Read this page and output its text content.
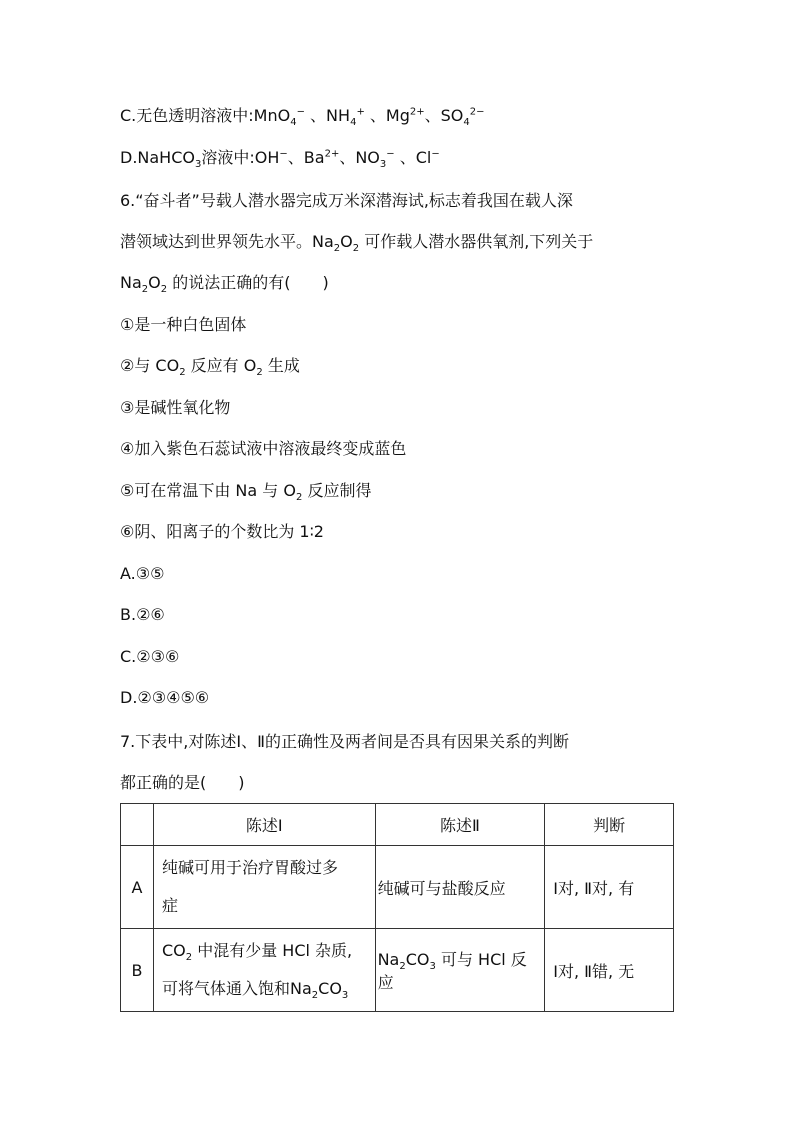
C.无色透明溶液中:MnO$_4$− 、$NH_4^+$ 、$Mg^{2+}$、$SO_4^{2-}$
D.NaHCO$_3$溶液中:OH−、$Ba^{2+}$、$NO_3^-$ 、Cl−
6.“奋斗者”号载人潜水器完成万米深潜海试,标志着我国在载人深
潜领域达到世界领先水平。$Na_2O_2$ 可作载人潜水器供氧剂,下列关于
$Na_2O_2$ 的说法正确的有(　　)
①是一种白色固体
②与 $CO_2$ 反应有 $O_2$ 生成
③是碱性氧化物
④加入紫色石蕊试液中溶液最终变成蓝色
⑤可在常温下由 Na 与 $O_2$ 反应制得
⑥阴、阳离子的个数比为 1∶2
A.③⑤
B.②⑥
C.②③⑥
D.②③④⑤⑥
7.下表中,对陈述Ⅰ、Ⅱ的正确性及两者间是否具有因果关系的判断
都正确的是(　　)
	陈述Ⅰ	陈述Ⅱ	判断
A	纯碱可用于治疗胃酸过多
症	纯碱可与盐酸反应	Ⅰ对, Ⅱ对, 有
B	$CO_2$ 中混有少量 HCl 杂质,
可将气体通入饱和$Na_2CO_3$	$Na_2CO_3$ 可与 HCl 反应	Ⅰ对, Ⅱ错, 无
